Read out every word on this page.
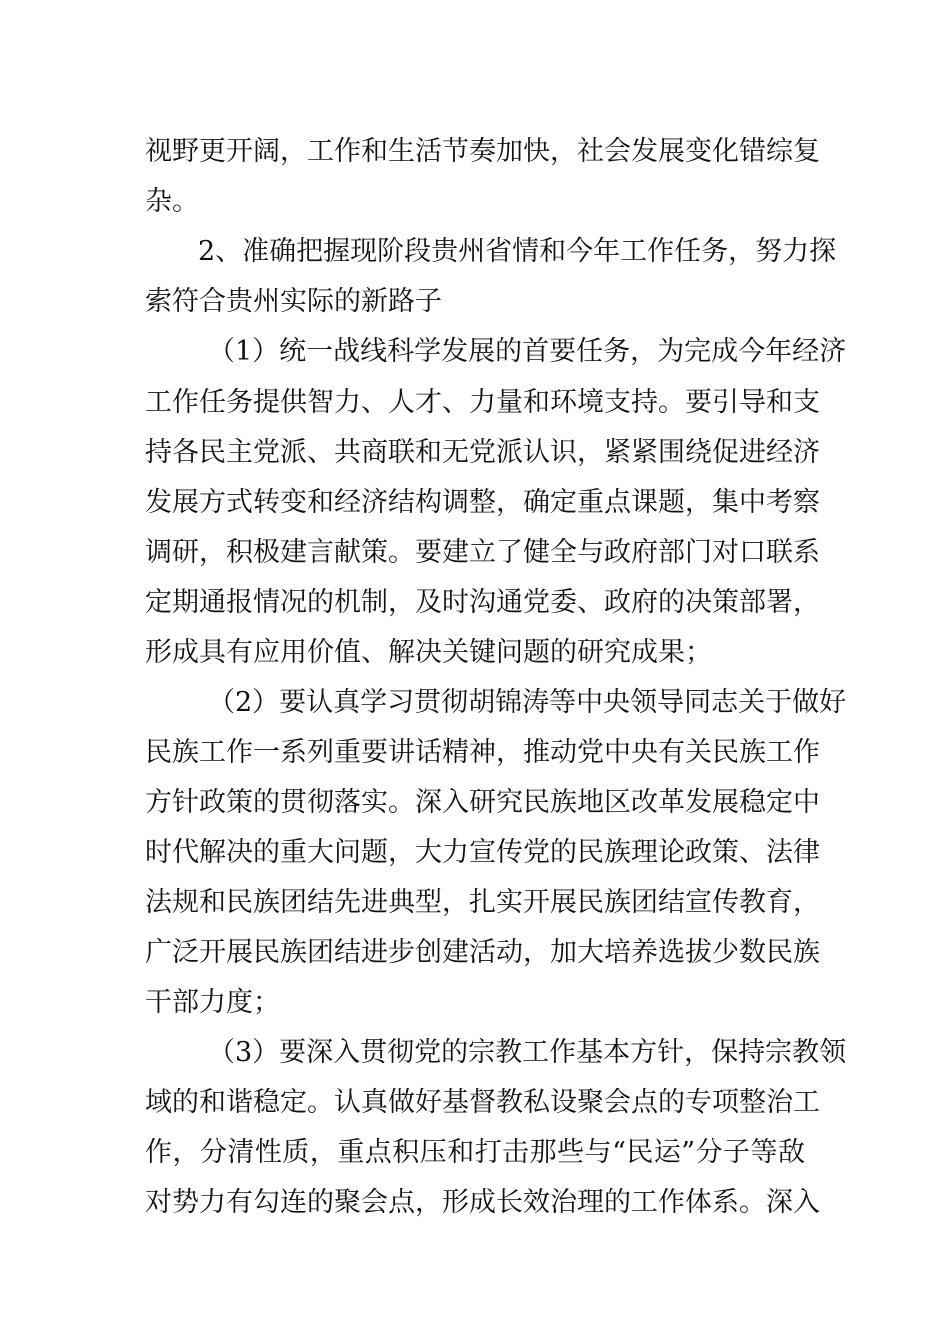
视野更开阔，工作和生活节奏加快，社会发展变化错综复
杂。
2、准确把握现阶段贵州省情和今年工作任务，努力探
索符合贵州实际的新路子
（1）统一战线科学发展的首要任务，为完成今年经济
工作任务提供智力、人才、力量和环境支持。要引导和支
持各民主党派、共商联和无党派认识，紧紧围绕促进经济
发展方式转变和经济结构调整，确定重点课题，集中考察
调研，积极建言献策。要建立了健全与政府部门对口联系
定期通报情况的机制，及时沟通党委、政府的决策部署，
形成具有应用价值、解决关键问题的研究成果；
（2）要认真学习贯彻胡锦涛等中央领导同志关于做好
民族工作一系列重要讲话精神，推动党中央有关民族工作
方针政策的贯彻落实。深入研究民族地区改革发展稳定中
时代解决的重大问题，大力宣传党的民族理论政策、法律
法规和民族团结先进典型，扎实开展民族团结宣传教育，
广泛开展民族团结进步创建活动，加大培养选拔少数民族
干部力度；
（3）要深入贯彻党的宗教工作基本方针，保持宗教领
域的和谐稳定。认真做好基督教私设聚会点的专项整治工
作，分清性质，重点积压和打击那些与“民运”分子等敌
对势力有勾连的聚会点，形成长效治理的工作体系。深入
